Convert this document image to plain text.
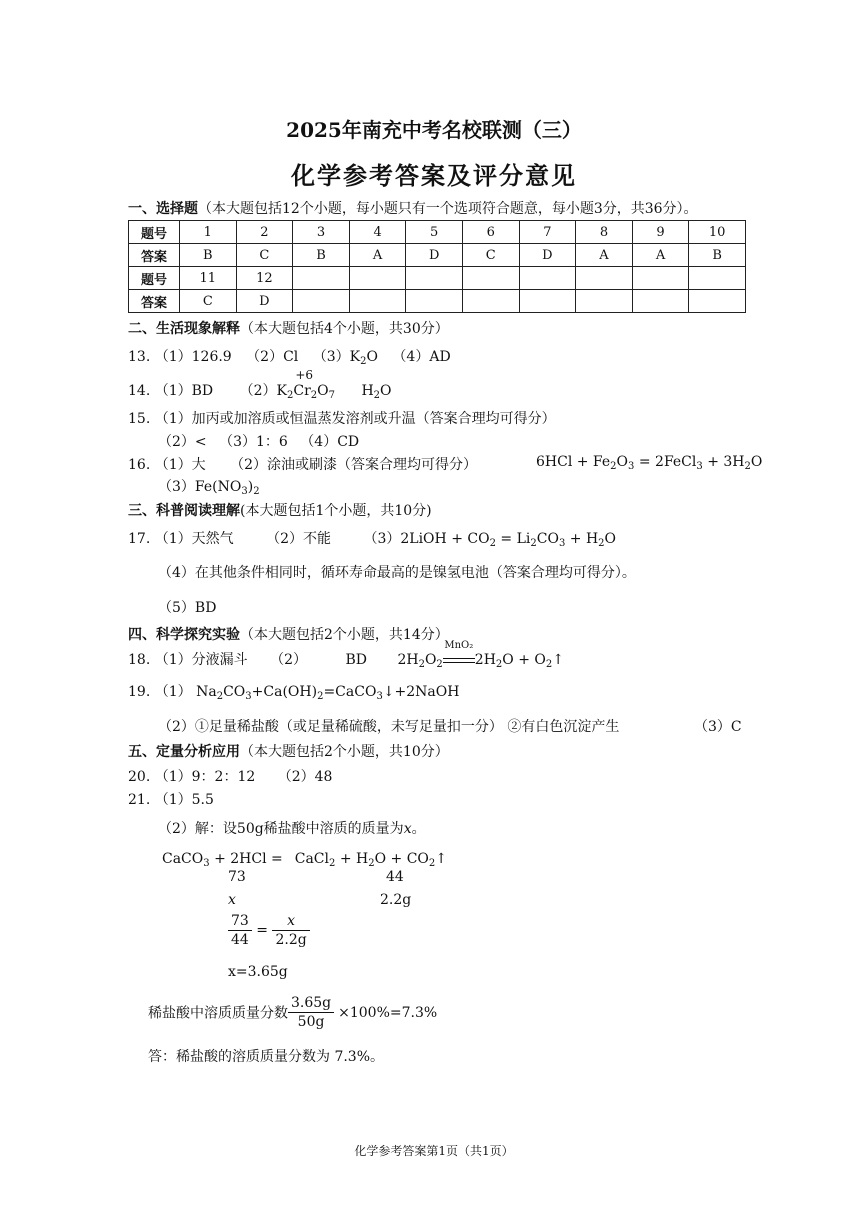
2025年南充中考名校联测（三）
化学参考答案及评分意见
一、选择题（本大题包括12个小题，每小题只有一个选项符合题意，每小题3分，共36分）。
题号	1	2	3	4	5	6	7	8	9	10
答案	B	C	B	A	D	C	D	A	A	B
题号	11	12								
答案	C	D								
二、生活现象解释（本大题包括4个小题，共30分）
13. （1）126.9 （2）Cl $(3)K_2O$ （4）AD
14. （1）BD $(2)K_2$
+6
$Cr_2O_7$ $H_2O$
15. （1）加丙或加溶质或恒温蒸发溶剂或升温（答案合理均可得分）
（2）< （3）1：6 （4）CD
16. （1）大 （2）涂油或刷漆（答案合理均可得分）	$6HCl + Fe_2O_3$ = 2FeCl$_3$ + $3H_2O$
$(3)Fe(NO_3)_2$
三、科普阅读理解(本大题包括1个小题，共10分)
17. （1）天然气 （2）不能 （3）2LiOH + $CO_2 = Li_2CO_3 + H_2O$
（4）在其他条件相同时，循环寿命最高的是镍氢电池（答案合理均可得分）。
（5）BD
四、科学探究实验（本大题包括2个小题，共14分）
18. （1）分液漏斗 （2）	BD $2H_2O_2$
MnO₂
$2H_2O$ + $O_2↑$
19. （1） $Na_2CO_3+Ca(OH)_2=CaCO_3↓+2NaOH$
（2）①足量稀盐酸（或足量稀硫酸，未写足量扣一分） ②有白色沉淀产生	（3）C
五、定量分析应用（本大题包括2个小题，共10分）
20. （1）9：2：12 （2）48
21. （1）5.5
（2）解：设50g稀盐酸中溶质的质量为x。
CaCO$_3$ + 2HCl = CaCl$_2$ + $H_2O$ + $CO_2↑$
73	44
x	2.2g
$\frac{73}{44} = \frac{x}{2.2g}$
x=3.65g
稀盐酸中溶质质量分数 $\frac{3.65g}{50g} \times 100\%=7.3\%$
答：稀盐酸的溶质质量分数为 7.3%。
化学参考答案第1页（共1页）
